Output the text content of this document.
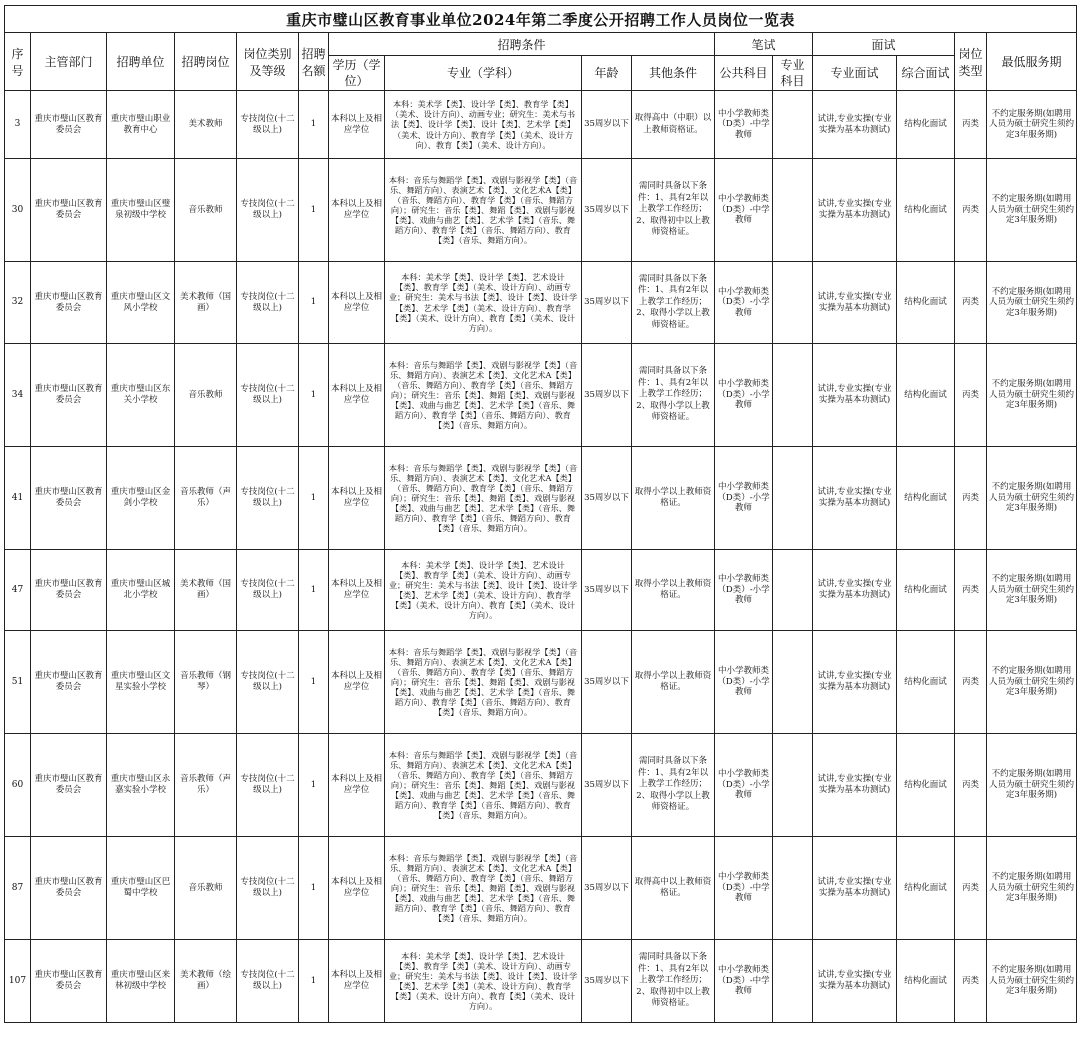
重庆市璧山区教育事业单位2024年第二季度公开招聘工作人员岗位一览表															
序号	主管部门	招聘单位	招聘岗位	岗位类别及等级	招聘名额	招聘条件				笔试		面试		岗位类型	最低服务期
						学历（学位）	专业（学科）	年龄	其他条件	公共科目	专业科目	专业面试	综合面试		
3	重庆市璧山区教育委员会	重庆市璧山职业教育中心	美术教师	专技岗位(十二级以上)	1	本科以上及相应学位	本科：美术学【类】、设计学【类】、教育学【类】（美术、设计方向）、动画专业；研究生：美术与书法【类】、设计学【类】、设计【类】、艺术学【类】（美术、设计方向）、教育学【类】（美术、设计方向）、教育【类】（美术、设计方向）。	35周岁以下	取得高中（中职）以上教师资格证。	中小学教师类（D类）-中学教师		试讲,专业实操(专业实操为基本功测试)	结构化面试	丙类	不约定服务期(如聘用人员为硕士研究生须约定3年服务期)
30	重庆市璧山区教育委员会	重庆市璧山区璧泉初级中学校	音乐教师	专技岗位(十二级以上)	1	本科以上及相应学位	本科：音乐与舞蹈学【类】、戏剧与影视学【类】（音乐、舞蹈方向）、表演艺术【类】、文化艺术A【类】（音乐、舞蹈方向）、教育学【类】（音乐、舞蹈方向）；研究生：音乐【类】、舞蹈【类】、戏剧与影视【类】、戏曲与曲艺【类】、艺术学【类】（音乐、舞蹈方向）、教育学【类】（音乐、舞蹈方向）、教育【类】（音乐、舞蹈方向）。	35周岁以下	需同时具备以下条件：1、具有2年以上教学工作经历；2、取得初中以上教师资格证。	中小学教师类（D类）-中学教师		试讲,专业实操(专业实操为基本功测试)	结构化面试	丙类	不约定服务期(如聘用人员为硕士研究生须约定3年服务期)
32	重庆市璧山区教育委员会	重庆市璧山区文风小学校	美术教师（国画）	专技岗位(十二级以上)	1	本科以上及相应学位	本科：美术学【类】、设计学【类】、艺术设计【类】、教育学【类】（美术、设计方向）、动画专业；研究生：美术与书法【类】、设计【类】、设计学【类】、艺术学【类】（美术、设计方向）、教育学【类】（美术、设计方向）、教育【类】（美术、设计方向）。	35周岁以下	需同时具备以下条件：1、具有2年以上教学工作经历；2、取得小学以上教师资格证。	中小学教师类（D类）-小学教师		试讲,专业实操(专业实操为基本功测试)	结构化面试	丙类	不约定服务期(如聘用人员为硕士研究生须约定3年服务期)
34	重庆市璧山区教育委员会	重庆市璧山区东关小学校	音乐教师	专技岗位(十二级以上)	1	本科以上及相应学位	本科：音乐与舞蹈学【类】、戏剧与影视学【类】（音乐、舞蹈方向）、表演艺术【类】、文化艺术A【类】（音乐、舞蹈方向）、教育学【类】（音乐、舞蹈方向）；研究生：音乐【类】、舞蹈【类】、戏剧与影视【类】、戏曲与曲艺【类】、艺术学【类】（音乐、舞蹈方向）、教育学【类】（音乐、舞蹈方向）、教育【类】（音乐、舞蹈方向）。	35周岁以下	需同时具备以下条件：1、具有2年以上教学工作经历；2、取得小学以上教师资格证。	中小学教师类（D类）-小学教师		试讲,专业实操(专业实操为基本功测试)	结构化面试	丙类	不约定服务期(如聘用人员为硕士研究生须约定3年服务期)
41	重庆市璧山区教育委员会	重庆市璧山区金剑小学校	音乐教师（声乐）	专技岗位(十二级以上)	1	本科以上及相应学位	本科：音乐与舞蹈学【类】、戏剧与影视学【类】（音乐、舞蹈方向）、表演艺术【类】、文化艺术A【类】（音乐、舞蹈方向）、教育学【类】（音乐、舞蹈方向）；研究生：音乐【类】、舞蹈【类】、戏剧与影视【类】、戏曲与曲艺【类】、艺术学【类】（音乐、舞蹈方向）、教育学【类】（音乐、舞蹈方向）、教育【类】（音乐、舞蹈方向）。	35周岁以下	取得小学以上教师资格证。	中小学教师类（D类）-小学教师		试讲,专业实操(专业实操为基本功测试)	结构化面试	丙类	不约定服务期(如聘用人员为硕士研究生须约定3年服务期)
47	重庆市璧山区教育委员会	重庆市璧山区城北小学校	美术教师（国画）	专技岗位(十二级以上)	1	本科以上及相应学位	本科：美术学【类】、设计学【类】、艺术设计【类】、教育学【类】（美术、设计方向）、动画专业；研究生：美术与书法【类】、设计【类】、设计学【类】、艺术学【类】（美术、设计方向）、教育学【类】（美术、设计方向）、教育【类】（美术、设计方向）。	35周岁以下	取得小学以上教师资格证。	中小学教师类（D类）-小学教师		试讲,专业实操(专业实操为基本功测试)	结构化面试	丙类	不约定服务期(如聘用人员为硕士研究生须约定3年服务期)
51	重庆市璧山区教育委员会	重庆市璧山区文星实验小学校	音乐教师（钢琴）	专技岗位(十二级以上)	1	本科以上及相应学位	本科：音乐与舞蹈学【类】、戏剧与影视学【类】（音乐、舞蹈方向）、表演艺术【类】、文化艺术A【类】（音乐、舞蹈方向）、教育学【类】（音乐、舞蹈方向）；研究生：音乐【类】、舞蹈【类】、戏剧与影视【类】、戏曲与曲艺【类】、艺术学【类】（音乐、舞蹈方向）、教育学【类】（音乐、舞蹈方向）、教育【类】（音乐、舞蹈方向）。	35周岁以下	取得小学以上教师资格证。	中小学教师类（D类）-小学教师		试讲,专业实操(专业实操为基本功测试)	结构化面试	丙类	不约定服务期(如聘用人员为硕士研究生须约定3年服务期)
60	重庆市璧山区教育委员会	重庆市璧山区永嘉实验小学校	音乐教师（声乐）	专技岗位(十二级以上)	1	本科以上及相应学位	本科：音乐与舞蹈学【类】、戏剧与影视学【类】（音乐、舞蹈方向）、表演艺术【类】、文化艺术A【类】（音乐、舞蹈方向）、教育学【类】（音乐、舞蹈方向）；研究生：音乐【类】、舞蹈【类】、戏剧与影视【类】、戏曲与曲艺【类】、艺术学【类】（音乐、舞蹈方向）、教育学【类】（音乐、舞蹈方向）、教育【类】（音乐、舞蹈方向）。	35周岁以下	需同时具备以下条件：1、具有2年以上教学工作经历；2、取得小学以上教师资格证。	中小学教师类（D类）-小学教师		试讲,专业实操(专业实操为基本功测试)	结构化面试	丙类	不约定服务期(如聘用人员为硕士研究生须约定3年服务期)
87	重庆市璧山区教育委员会	重庆市璧山区巴蜀中学校	音乐教师	专技岗位(十二级以上)	1	本科以上及相应学位	本科：音乐与舞蹈学【类】、戏剧与影视学【类】（音乐、舞蹈方向）、表演艺术【类】、文化艺术A【类】（音乐、舞蹈方向）、教育学【类】（音乐、舞蹈方向）；研究生：音乐【类】、舞蹈【类】、戏剧与影视【类】、戏曲与曲艺【类】、艺术学【类】（音乐、舞蹈方向）、教育学【类】（音乐、舞蹈方向）、教育【类】（音乐、舞蹈方向）。	35周岁以下	取得高中以上教师资格证。	中小学教师类（D类）-中学教师		试讲,专业实操(专业实操为基本功测试)	结构化面试	丙类	不约定服务期(如聘用人员为硕士研究生须约定3年服务期)
107	重庆市璧山区教育委员会	重庆市璧山区来林初级中学校	美术教师（绘画）	专技岗位(十二级以上)	1	本科以上及相应学位	本科：美术学【类】、设计学【类】、艺术设计【类】、教育学【类】（美术、设计方向）、动画专业；研究生：美术与书法【类】、设计【类】、设计学【类】、艺术学【类】（美术、设计方向）、教育学【类】（美术、设计方向）、教育【类】（美术、设计方向）。	35周岁以下	需同时具备以下条件：1、具有2年以上教学工作经历；2、取得初中以上教师资格证。	中小学教师类（D类）-中学教师		试讲,专业实操(专业实操为基本功测试)	结构化面试	丙类	不约定服务期(如聘用人员为硕士研究生须约定3年服务期)
